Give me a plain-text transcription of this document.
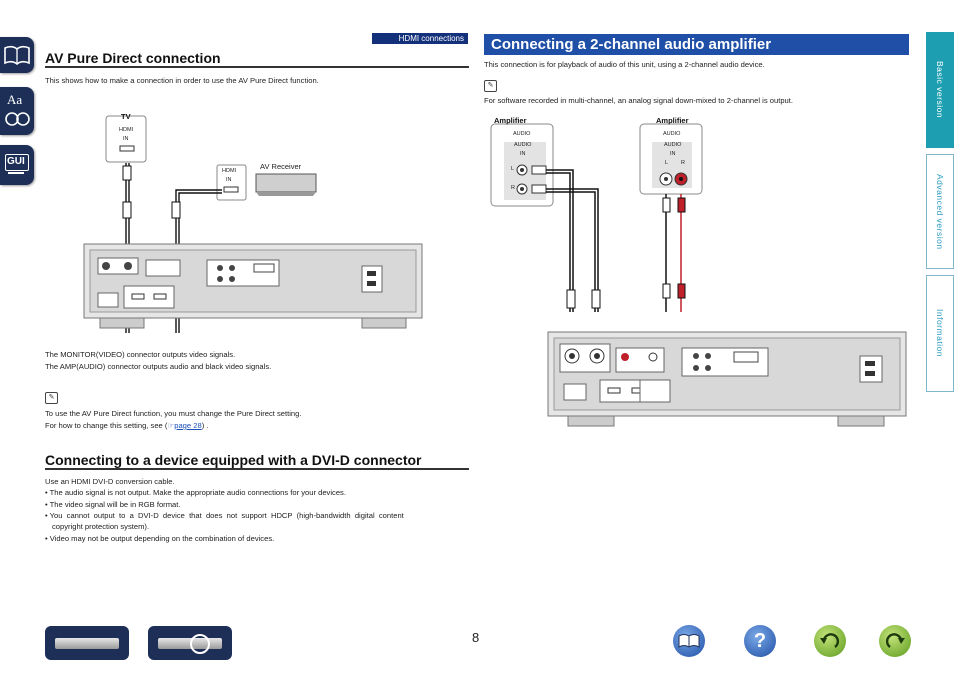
Aa
GUI
HDMI connections
AV Pure Direct connection
This shows how to make a connection in order to use the AV Pure Direct function.
TV
HDMI
IN
HDMI
IN
AV Receiver
The MONITOR(VIDEO) connector outputs video signals.
The AMP(AUDIO) connector outputs audio and black video signals.
✎
To use the AV Pure Direct function, you must change the Pure Direct setting.
For how to change this setting, see (☞page 28) .
Connecting to a device equipped with a DVI-D connector
Use an HDMI DVI-D conversion cable.
• The audio signal is not output. Make the appropriate audio connections for your devices.
• The video signal will be in RGB format.
• You  cannot  output  to  a  DVI-D  device  that  does  not  support  HDCP  (high-bandwidth  digital  content
copyright protection system).
• Video may not be output depending on the combination of devices.
Connecting a 2-channel audio amplifier
This connection is for playback of audio of this unit, using a 2-channel audio device.
✎
For software recorded in multi-channel, an analog signal down-mixed to 2-channel is output.
Amplifier
AUDIO
AUDIO
IN
L
R
Amplifier
AUDIO
AUDIO
IN
L R
Basic version
Advanced version
Information
8	?
